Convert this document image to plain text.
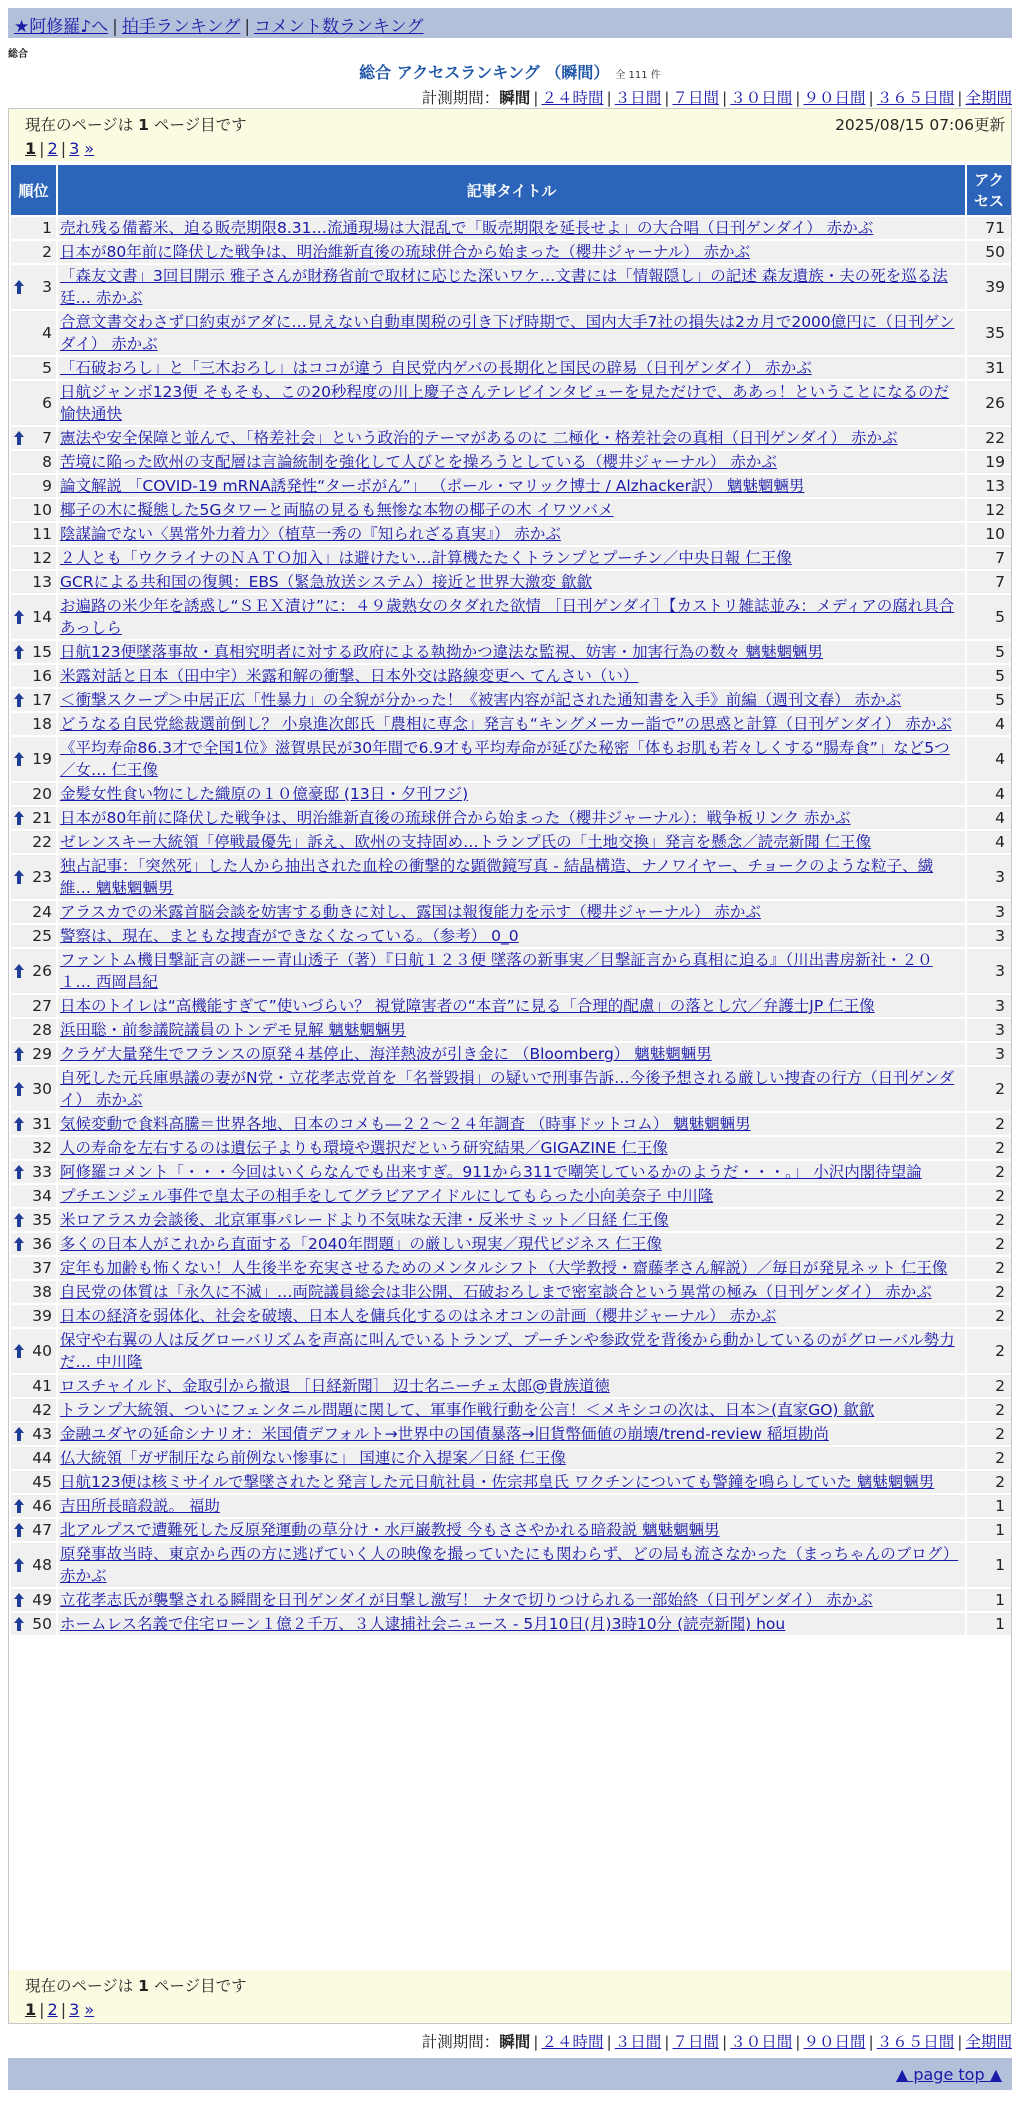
★阿修羅♪へ | 拍手ランキング | コメント数ランキング
総合
総合 アクセスランキング （瞬間） 全 111 件
計測期間：瞬間 | ２４時間 | ３日間 | ７日間 | ３０日間 | ９０日間 | ３６５日間 | 全期間
現在のページは 1 ページ目です
1 | 2 | 3 »
2025/08/15 07:06更新
順位	記事タイトル	アクセス
1	売れ残る備蓄米、迫る販売期限8.31…流通現場は大混乱で「販売期限を延長せよ」の大合唱（日刊ゲンダイ） 赤かぶ	71
2	日本が80年前に降伏した戦争は、明治維新直後の琉球併合から始まった（櫻井ジャーナル） 赤かぶ	50

3	「森友文書」3回目開示 雅子さんが財務省前で取材に応じた深いワケ…文書には「情報隠し」の記述 森友遺族・夫の死を巡る法廷… 赤かぶ	39
4	合意文書交わさず口約束がアダに…見えない自動車関税の引き下げ時期で、国内大手7社の損失は2カ月で2000億円に（日刊ゲンダイ） 赤かぶ	35
5	「石破おろし」と「三木おろし」はココが違う 自民党内ゲバの長期化と国民の辟易（日刊ゲンダイ） 赤かぶ	31
6	日航ジャンボ123便 そもそも、この20秒程度の川上慶子さんテレビインタビューを見ただけで、ああっ！ということになるのだ 愉快通快	26

7	憲法や安全保障と並んで、「格差社会」という政治的テーマがあるのに 二極化・格差社会の真相（日刊ゲンダイ） 赤かぶ	22
8	苦境に陥った欧州の支配層は言論統制を強化して人びとを操ろうとしている（櫻井ジャーナル） 赤かぶ	19
9	論文解説 「COVID-19 mRNA誘発性“ターボがん”」 （ポール・マリック博士 / Alzhacker訳） 魑魅魍魎男	13
10	椰子の木に擬態した5Gタワーと両脇の見るも無惨な本物の椰子の木 イワツバメ	12
11	陰謀論でない〈異常外力着力〉（植草一秀の『知られざる真実』） 赤かぶ	10
12	２人とも「ウクライナのＮＡＴＯ加入」は避けたい…計算機たたくトランプとプーチン／中央日報 仁王像	7
13	GCRによる共和国の復興：EBS（緊急放送システム）接近と世界大激変 歙歙	7

14	お遍路の米少年を誘惑し“ＳＥＸ漬け”に：４９歳熟女のタダれた欲情 ［日刊ゲンダイ］【カストリ雑誌並み：メディアの腐れ具合 あっしら	5

15	日航123便墜落事故・真相究明者に対する政府による執拗かつ違法な監視、妨害・加害行為の数々 魑魅魍魎男	5
16	米露対話と日本（田中宇）米露和解の衝撃、日本外交は路線変更へ てんさい（い）	5

17	＜衝撃スクープ＞中居正広「性暴力」の全貌が分かった！《被害内容が記された通知書を入手》前編（週刊文春） 赤かぶ	5
18	どうなる自民党総裁選前倒し？ 小泉進次郎氏「農相に専念」発言も“キングメーカー詣で”の思惑と計算（日刊ゲンダイ） 赤かぶ	4

19	《平均寿命86.3才で全国1位》滋賀県民が30年間で6.9才も平均寿命が延びた秘密「体もお肌も若々しくする“腸寿食”」など5つ／女… 仁王像	4
20	金髪女性食い物にした織原の１０億豪邸 (13日・夕刊フジ)	4

21	日本が80年前に降伏した戦争は、明治維新直後の琉球併合から始まった（櫻井ジャーナル）：戦争板リンク 赤かぶ	4
22	ゼレンスキー大統領「停戦最優先」訴え、欧州の支持固め…トランプ氏の「土地交換」発言を懸念／読売新聞 仁王像	4

23	独占記事：「突然死」した人から抽出された血栓の衝撃的な顕微鏡写真 - 結晶構造、ナノワイヤー、チョークのような粒子、繊維… 魑魅魍魎男	3
24	アラスカでの米露首脳会談を妨害する動きに対し、露国は報復能力を示す（櫻井ジャーナル） 赤かぶ	3
25	警察は、現在、まともな捜査ができなくなっている。（参考） 0_0	3

26	ファントム機目撃証言の謎ーー青山透子（著）『日航１２３便 墜落の新事実／目撃証言から真相に迫る』（川出書房新社・２０１… 西岡昌紀	3
27	日本のトイレは“高機能すぎて”使いづらい？ 視覚障害者の“本音”に見る「合理的配慮」の落とし穴／弁護士JP 仁王像	3
28	浜田聡・前参議院議員のトンデモ見解 魑魅魍魎男	3

29	クラゲ大量発生でフランスの原発４基停止、海洋熱波が引き金に （Bloomberg） 魑魅魍魎男	3

30	自死した元兵庫県議の妻がN党・立花孝志党首を「名誉毀損」の疑いで刑事告訴…今後予想される厳しい捜査の行方（日刊ゲンダイ） 赤かぶ	2

31	気候変動で食料高騰＝世界各地、日本のコメも―２２～２４年調査 （時事ドットコム） 魑魅魍魎男	2
32	人の寿命を左右するのは遺伝子よりも環境や選択だという研究結果／GIGAZINE 仁王像	2

33	阿修羅コメント「・・・今回はいくらなんでも出来すぎ。911から311で嘲笑しているかのようだ・・・。」 小沢内閣待望論	2
34	プチエンジェル事件で皇太子の相手をしてグラビアアイドルにしてもらった小向美奈子 中川隆	2

35	米ロアラスカ会談後、北京軍事パレードより不気味な天津・反米サミット／日経 仁王像	2

36	多くの日本人がこれから直面する「2040年問題」の厳しい現実／現代ビジネス 仁王像	2
37	定年も加齢も怖くない！人生後半を充実させるためのメンタルシフト（大学教授・齋藤孝さん解説）／毎日が発見ネット 仁王像	2
38	自民党の体質は「永久に不滅」…両院議員総会は非公開、石破おろしまで密室談合という異常の極み（日刊ゲンダイ） 赤かぶ	2
39	日本の経済を弱体化、社会を破壊、日本人を傭兵化するのはネオコンの計画（櫻井ジャーナル） 赤かぶ	2

40	保守や右翼の人は反グローバリズムを声高に叫んでいるトランプ、プーチンや参政党を背後から動かしているのがグローバル勢力だ… 中川隆	2
41	ロスチャイルド、金取引から撤退 ［日経新聞］ 辺士名ニーチェ太郎@貴族道徳	2
42	トランプ大統領、ついにフェンタニル問題に関して、軍事作戦行動を公言！＜メキシコの次は、日本＞(直家GO) 歙歙	2

43	金融ユダヤの延命シナリオ：米国債デフォルト→世界中の国債暴落→旧貨幣価値の崩壊/trend-review 稲垣勘尚	2
44	仏大統領「ガザ制圧なら前例ない惨事に」 国連に介入提案／日経 仁王像	2
45	日航123便は核ミサイルで撃墜されたと発言した元日航社員・佐宗邦皇氏 ワクチンについても警鐘を鳴らしていた 魑魅魍魎男	2

46	吉田所長暗殺説。 福助	1

47	北アルプスで遭難死した反原発運動の草分け・水戸巌教授 今もささやかれる暗殺説 魑魅魍魎男	1

48	原発事故当時、東京から西の方に逃げていく人の映像を撮っていたにも関わらず、どの局も流さなかった（まっちゃんのブログ） 赤かぶ	1

49	立花孝志氏が襲撃される瞬間を日刊ゲンダイが目撃し激写！ ナタで切りつけられる一部始終（日刊ゲンダイ） 赤かぶ	1

50	ホームレス名義で住宅ローン１億２千万、３人逮捕社会ニュース - 5月10日(月)3時10分 (読売新聞) hou	1
現在のページは 1 ページ目です
1 | 2 | 3 »
計測期間：瞬間 | ２４時間 | ３日間 | ７日間 | ３０日間 | ９０日間 | ３６５日間 | 全期間
▲ page top ▲
